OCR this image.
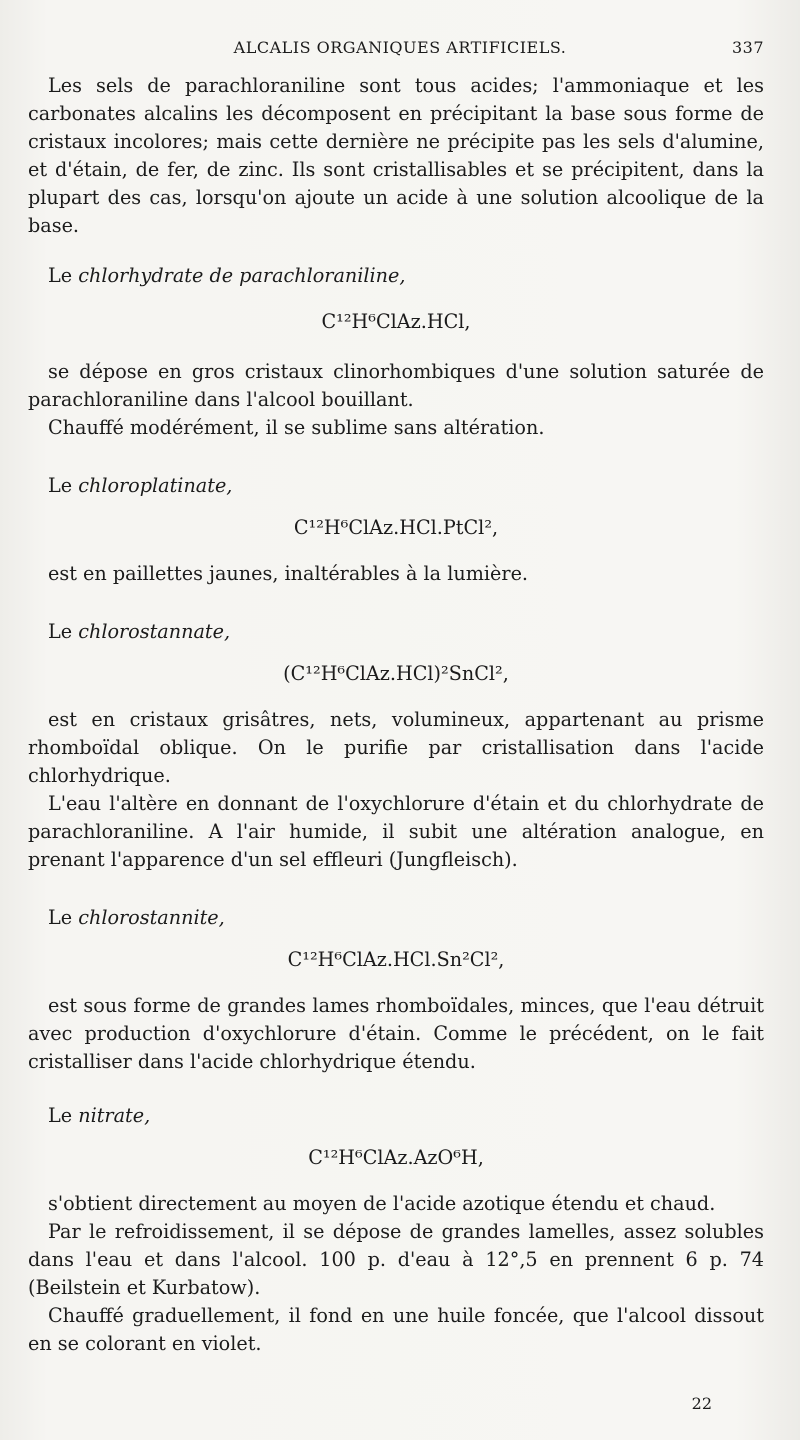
ALCALIS ORGANIQUES ARTIFICIELS.	337

Les sels de parachloraniline sont tous acides; l'ammoniaque et les carbonates alcalins les décomposent en précipitant la base sous forme de cristaux incolores; mais cette dernière ne précipite pas les sels d'alumine, et d'étain, de fer, de zinc. Ils sont cristallisables et se précipitent, dans la plupart des cas, lorsqu'on ajoute un acide à une solution alcoolique de la base.

Le chlorhydrate de parachloraniline,

C¹²H⁶ClAz.HCl,

se dépose en gros cristaux clinorhombiques d'une solution saturée de parachloraniline dans l'alcool bouillant.

Chauffé modérément, il se sublime sans altération.

Le chloroplatinate,

C¹²H⁶ClAz.HCl.PtCl²,

est en paillettes jaunes, inaltérables à la lumière.

Le chlorostannate,

(C¹²H⁶ClAz.HCl)²SnCl²,

est en cristaux grisâtres, nets, volumineux, appartenant au prisme rhomboïdal oblique. On le purifie par cristallisation dans l'acide chlorhydrique.

L'eau l'altère en donnant de l'oxychlorure d'étain et du chlorhydrate de parachloraniline. A l'air humide, il subit une altération analogue, en prenant l'apparence d'un sel effleuri (Jungfleisch).

Le chlorostannite,

C¹²H⁶ClAz.HCl.Sn²Cl²,

est sous forme de grandes lames rhomboïdales, minces, que l'eau détruit avec production d'oxychlorure d'étain. Comme le précédent, on le fait cristalliser dans l'acide chlorhydrique étendu.

Le nitrate,

C¹²H⁶ClAz.AzO⁶H,

s'obtient directement au moyen de l'acide azotique étendu et chaud.

Par le refroidissement, il se dépose de grandes lamelles, assez solubles dans l'eau et dans l'alcool. 100 p. d'eau à 12°,5 en prennent 6 p. 74 (Beilstein et Kurbatow).

Chauffé graduellement, il fond en une huile foncée, que l'alcool dissout en se colorant en violet.

22
